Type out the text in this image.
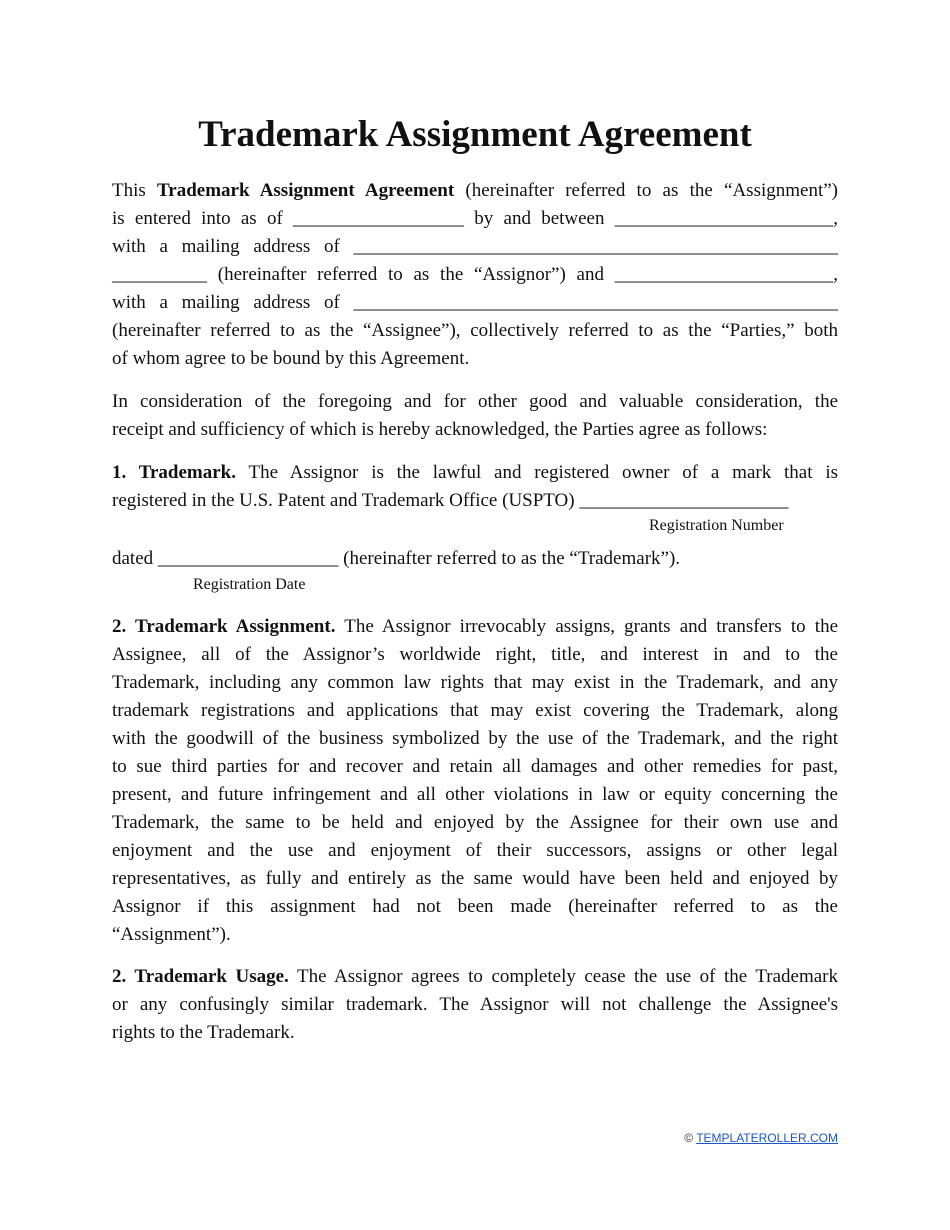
Trademark Assignment Agreement
This Trademark Assignment Agreement (hereinafter referred to as the “Assignment”)
is entered into as of __________________ by and between _______________________,
with a mailing address of ___________________________________________________
__________ (hereinafter referred to as the “Assignor”) and _______________________,
with a mailing address of ___________________________________________________
(hereinafter referred to as the “Assignee”), collectively referred to as the “Parties,” both
of whom agree to be bound by this Agreement.
In consideration of the foregoing and for other good and valuable consideration, the
receipt and sufficiency of which is hereby acknowledged, the Parties agree as follows:
1. Trademark. The Assignor is the lawful and registered owner of a mark that is
registered in the U.S. Patent and Trademark Office (USPTO) ______________________
Registration Number
dated ___________________ (hereinafter referred to as the “Trademark”).
Registration Date
2. Trademark Assignment. The Assignor irrevocably assigns, grants and transfers to the
Assignee, all of the Assignor’s worldwide right, title, and interest in and to the
Trademark, including any common law rights that may exist in the Trademark, and any
trademark registrations and applications that may exist covering the Trademark, along
with the goodwill of the business symbolized by the use of the Trademark, and the right
to sue third parties for and recover and retain all damages and other remedies for past,
present, and future infringement and all other violations in law or equity concerning the
Trademark, the same to be held and enjoyed by the Assignee for their own use and
enjoyment and the use and enjoyment of their successors, assigns or other legal
representatives, as fully and entirely as the same would have been held and enjoyed by
Assignor if this assignment had not been made (hereinafter referred to as the
“Assignment”).
2. Trademark Usage. The Assignor agrees to completely cease the use of the Trademark
or any confusingly similar trademark. The Assignor will not challenge the Assignee's
rights to the Trademark.
© TEMPLATEROLLER.COM
